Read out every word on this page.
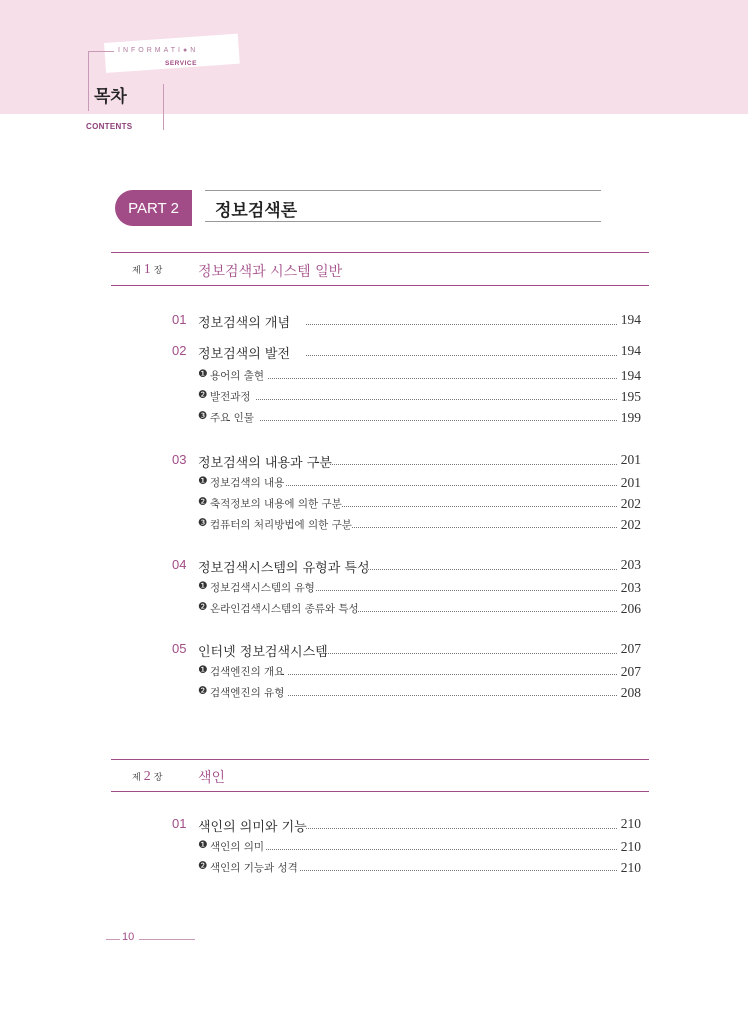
INFORMATI●N
SERVICE
목차
CONTENTS
PART 2	정보검색론
제 1 장	정보검색과 시스템 일반
01 정보검색의 개념	194
02 정보검색의 발전	194
❶ 용어의 출현	194
❷ 발전과정	195
❸ 주요 인물	199
03 정보검색의 내용과 구분	201
❶ 정보검색의 내용	201
❷ 축적정보의 내용에 의한 구분	202
❸ 컴퓨터의 처리방법에 의한 구분	202
04 정보검색시스템의 유형과 특성	203
❶ 정보검색시스템의 유형	203
❷ 온라인검색시스템의 종류와 특성	206
05 인터넷 정보검색시스템	207
❶ 검색엔진의 개요	207
❷ 검색엔진의 유형	208
제 2 장	색인
01 색인의 의미와 기능	210
❶ 색인의 의미	210
❷ 색인의 기능과 성격	210
10
